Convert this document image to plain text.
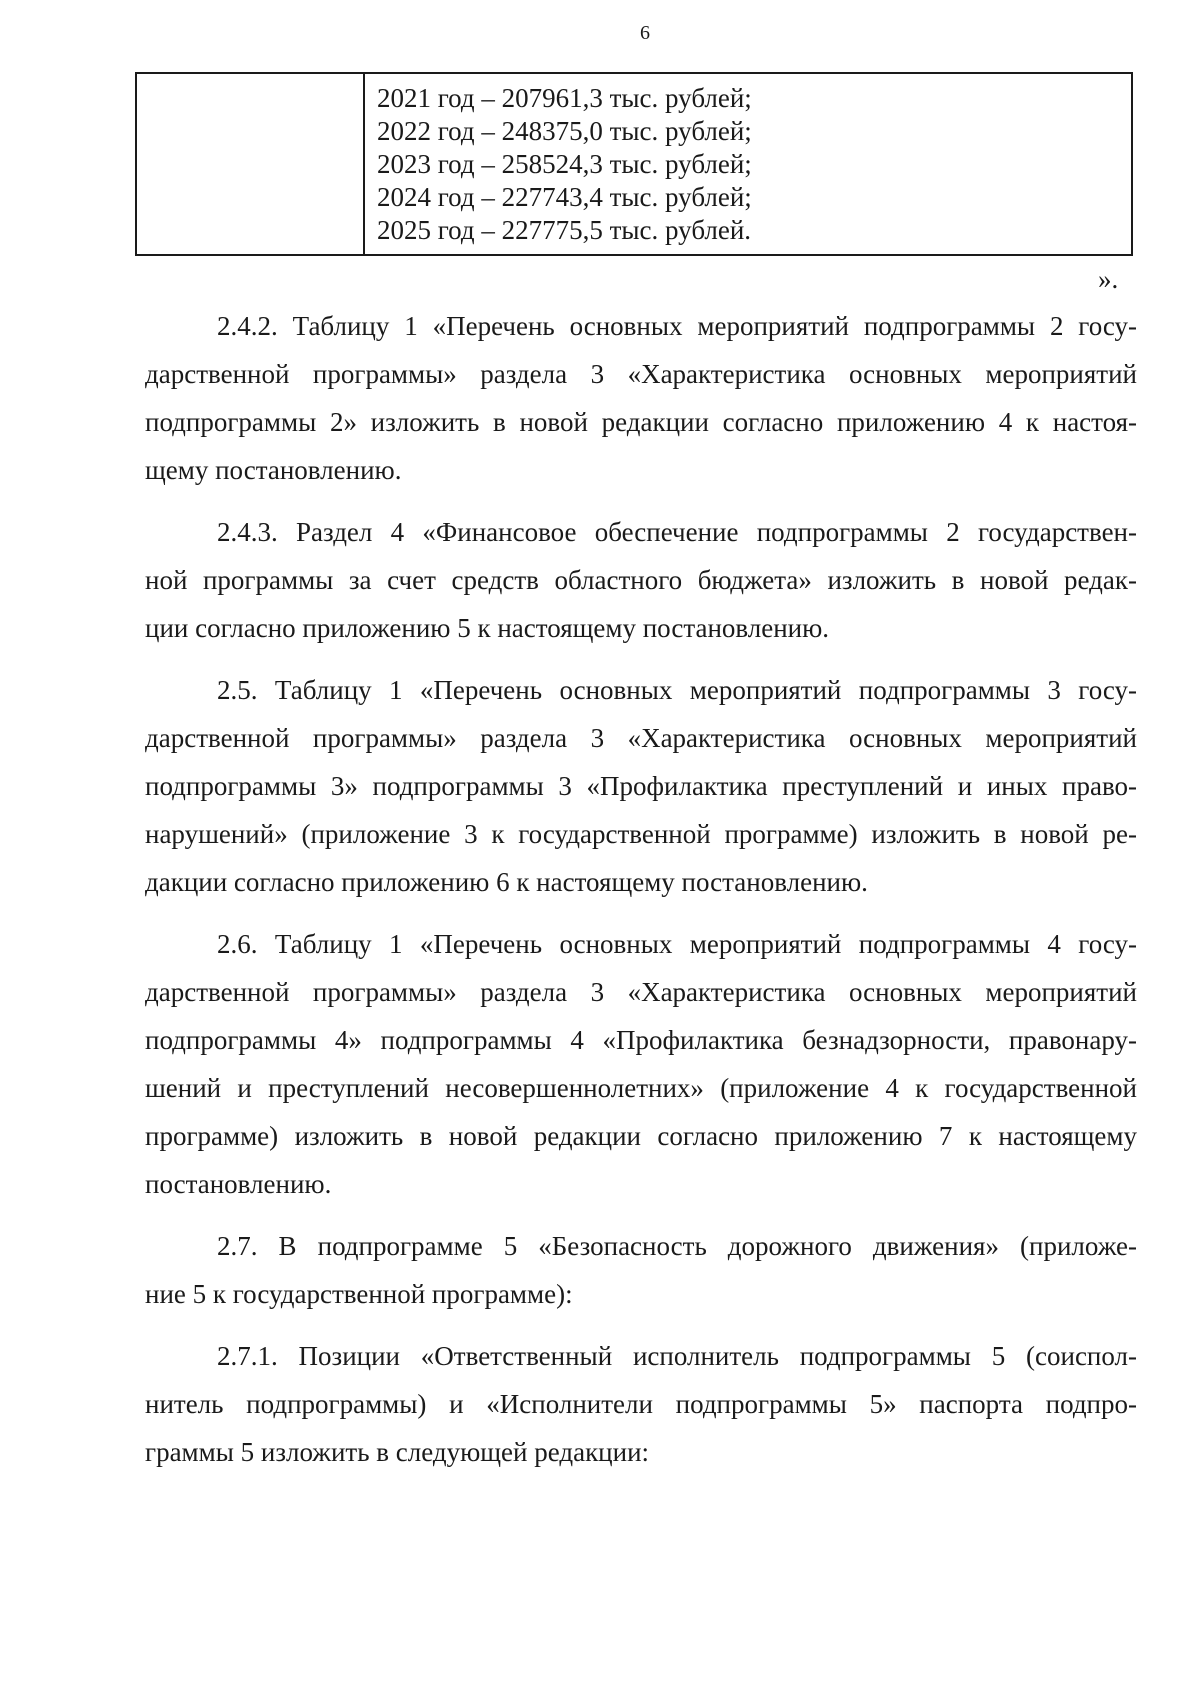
6
2021 год – 207961,3 тыс. рублей;
2022 год – 248375,0 тыс. рублей;
2023 год – 258524,3 тыс. рублей;
2024 год – 227743,4 тыс. рублей;
2025 год – 227775,5 тыс. рублей.
».
2.4.2. Таблицу 1 «Перечень основных мероприятий подпрограммы 2 госу-
дарственной программы» раздела 3 «Характеристика основных мероприятий
подпрограммы 2» изложить в новой редакции согласно приложению 4 к настоя-
щему постановлению.
2.4.3. Раздел 4 «Финансовое обеспечение подпрограммы 2 государствен-
ной программы за счет средств областного бюджета» изложить в новой редак-
ции согласно приложению 5 к настоящему постановлению.
2.5. Таблицу 1 «Перечень основных мероприятий подпрограммы 3 госу-
дарственной программы» раздела 3 «Характеристика основных мероприятий
подпрограммы 3» подпрограммы 3 «Профилактика преступлений и иных право-
нарушений» (приложение 3 к государственной программе) изложить в новой ре-
дакции согласно приложению 6 к настоящему постановлению.
2.6. Таблицу 1 «Перечень основных мероприятий подпрограммы 4 госу-
дарственной программы» раздела 3 «Характеристика основных мероприятий
подпрограммы 4» подпрограммы 4 «Профилактика безнадзорности, правонару-
шений и преступлений несовершеннолетних» (приложение 4 к государственной
программе) изложить в новой редакции согласно приложению 7 к настоящему
постановлению.
2.7. В подпрограмме 5 «Безопасность дорожного движения» (приложе-
ние 5 к государственной программе):
2.7.1. Позиции «Ответственный исполнитель подпрограммы 5 (соиспол-
нитель подпрограммы) и «Исполнители подпрограммы 5» паспорта подпро-
граммы 5 изложить в следующей редакции:
